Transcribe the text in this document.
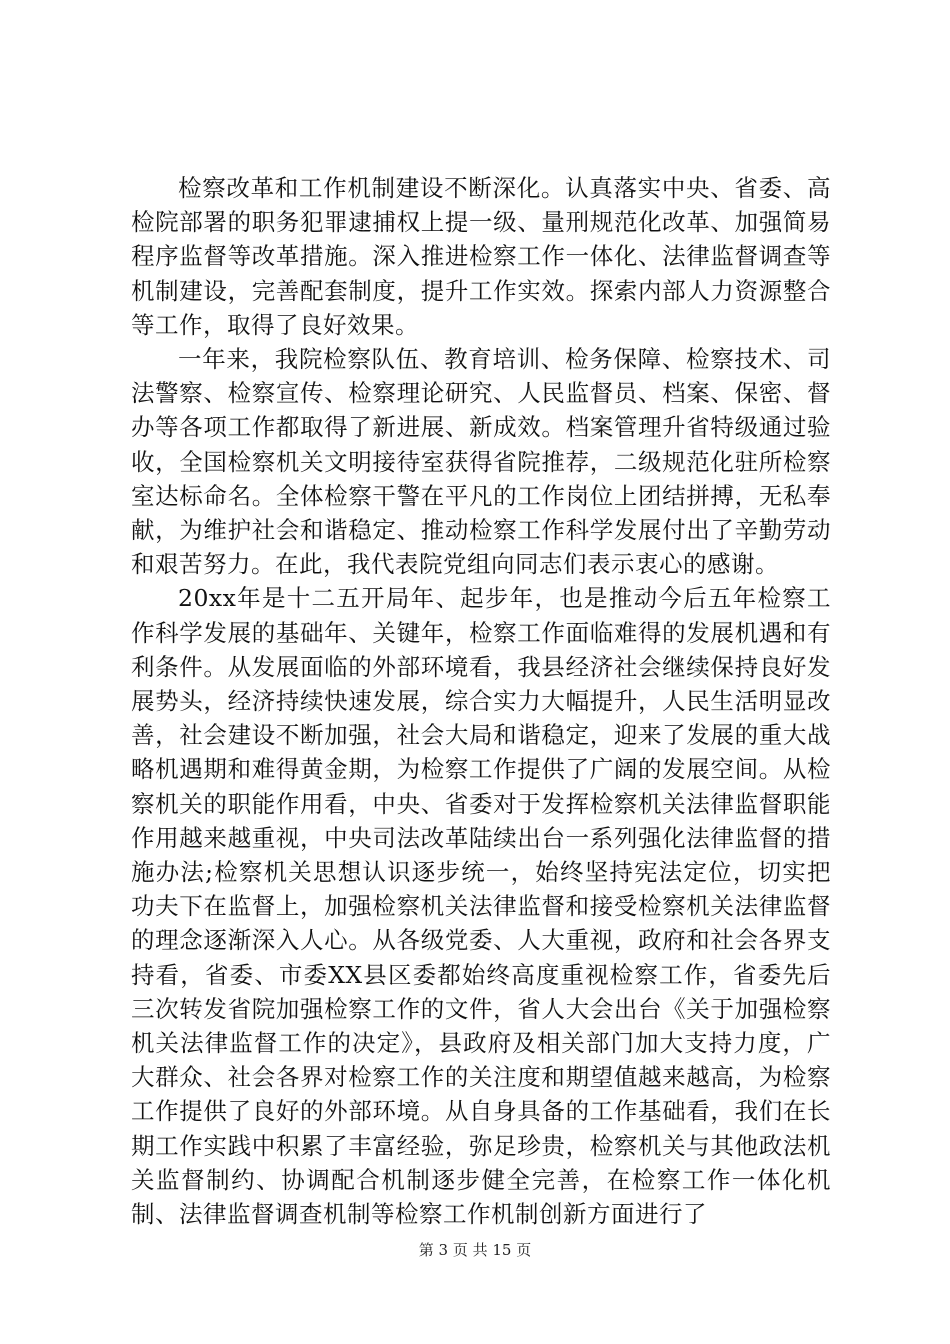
检察改革和工作机制建设不断深化。认真落实中央、省委、高检院部署的职务犯罪逮捕权上提一级、量刑规范化改革、加强简易程序监督等改革措施。深入推进检察工作一体化、法律监督调查等机制建设，完善配套制度，提升工作实效。探索内部人力资源整合等工作，取得了良好效果。

一年来，我院检察队伍、教育培训、检务保障、检察技术、司法警察、检察宣传、检察理论研究、人民监督员、档案、保密、督办等各项工作都取得了新进展、新成效。档案管理升省特级通过验收，全国检察机关文明接待室获得省院推荐，二级规范化驻所检察室达标命名。全体检察干警在平凡的工作岗位上团结拼搏，无私奉献，为维护社会和谐稳定、推动检察工作科学发展付出了辛勤劳动和艰苦努力。在此，我代表院党组向同志们表示衷心的感谢。

20xx年是十二五开局年、起步年，也是推动今后五年检察工作科学发展的基础年、关键年，检察工作面临难得的发展机遇和有利条件。从发展面临的外部环境看，我县经济社会继续保持良好发展势头，经济持续快速发展，综合实力大幅提升，人民生活明显改善，社会建设不断加强，社会大局和谐稳定，迎来了发展的重大战略机遇期和难得黄金期，为检察工作提供了广阔的发展空间。从检察机关的职能作用看，中央、省委对于发挥检察机关法律监督职能作用越来越重视，中央司法改革陆续出台一系列强化法律监督的措施办法;检察机关思想认识逐步统一，始终坚持宪法定位，切实把功夫下在监督上，加强检察机关法律监督和接受检察机关法律监督的理念逐渐深入人心。从各级党委、人大重视，政府和社会各界支持看，省委、市委XX县区委都始终高度重视检察工作，省委先后三次转发省院加强检察工作的文件，省人大会出台《关于加强检察机关法律监督工作的决定》，县政府及相关部门加大支持力度，广大群众、社会各界对检察工作的关注度和期望值越来越高，为检察工作提供了良好的外部环境。从自身具备的工作基础看，我们在长期工作实践中积累了丰富经验，弥足珍贵，检察机关与其他政法机关监督制约、协调配合机制逐步健全完善，在检察工作一体化机制、法律监督调查机制等检察工作机制创新方面进行了

第 3 页 共 15 页
